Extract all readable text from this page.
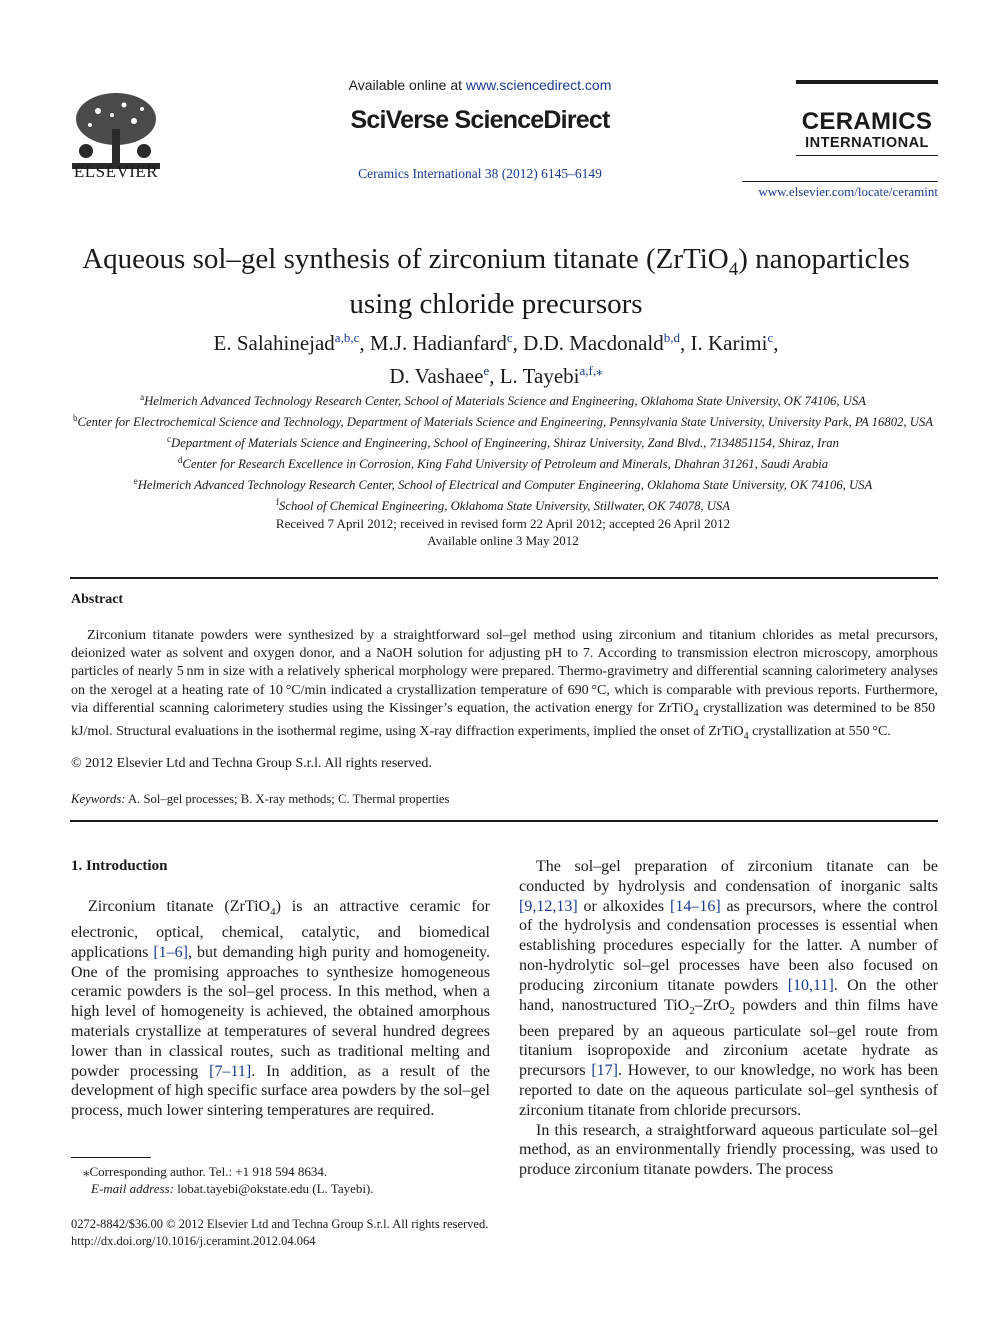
ELSEVIER
Available online at www.sciencedirect.com
SciVerse ScienceDirect
Ceramics International 38 (2012) 6145–6149
CERAMICS
INTERNATIONAL
www.elsevier.com/locate/ceramint
Aqueous sol–gel synthesis of zirconium titanate (ZrTiO$_4$) nanoparticles
using chloride precursors
E. Salahinejad$^{a,b,c}$, M.J. Hadianfard$^c$, D.D. Macdonald$^{b,d}$, I. Karimi$^c$,
D. Vashaee$^e$, L. Tayebi$^{a,f,⁎}$
$^a$Helmerich Advanced Technology Research Center, School of Materials Science and Engineering, Oklahoma State University, OK 74106, USA
$^b$Center for Electrochemical Science and Technology, Department of Materials Science and Engineering, Pennsylvania State University, University Park, PA 16802, USA
$^c$Department of Materials Science and Engineering, School of Engineering, Shiraz University, Zand Blvd., 7134851154, Shiraz, Iran
$^d$Center for Research Excellence in Corrosion, King Fahd University of Petroleum and Minerals, Dhahran 31261, Saudi Arabia
$^e$Helmerich Advanced Technology Research Center, School of Electrical and Computer Engineering, Oklahoma State University, OK 74106, USA
$^f$School of Chemical Engineering, Oklahoma State University, Stillwater, OK 74078, USA
Received 7 April 2012; received in revised form 22 April 2012; accepted 26 April 2012
Available online 3 May 2012
Abstract
Zirconium titanate powders were synthesized by a straightforward sol–gel method using zirconium and titanium chlorides as metal precursors, deionized water as solvent and oxygen donor, and a NaOH solution for adjusting pH to 7. According to transmission electron microscopy, amorphous particles of nearly 5 nm in size with a relatively spherical morphology were prepared. Thermo-gravimetry and differential scanning calorimetery analyses on the xerogel at a heating rate of 10 °C/min indicated a crystallization temperature of 690 °C, which is comparable with previous reports. Furthermore, via differential scanning calorimetery studies using the Kissinger’s equation, the activation energy for ZrTiO$_4$ crystallization was determined to be 850 kJ/mol. Structural evaluations in the isothermal regime, using X-ray diffraction experiments, implied the onset of ZrTiO$_4$ crystallization at 550 °C.
© 2012 Elsevier Ltd and Techna Group S.r.l. All rights reserved.
Keywords: A. Sol–gel processes; B. X-ray methods; C. Thermal properties
1. Introduction

Zirconium titanate (ZrTiO$_4$) is an attractive ceramic for electronic, optical, chemical, catalytic, and biomedical applications [1–6], but demanding high purity and homogeneity. One of the promising approaches to synthesize homogeneous ceramic powders is the sol–gel process. In this method, when a high level of homogeneity is achieved, the obtained amorphous materials crystallize at temperatures of several hundred degrees lower than in classical routes, such as traditional melting and powder processing [7–11]. In addition, as a result of the development of high specific surface area powders by the sol–gel process, much lower sintering temperatures are required.

The sol–gel preparation of zirconium titanate can be conducted by hydrolysis and condensation of inorganic salts [9,12,13] or alkoxides [14–16] as precursors, where the control of the hydrolysis and condensation processes is essential when establishing procedures especially for the latter. A number of non-hydrolytic sol–gel processes have been also focused on producing zirconium titanate powders [10,11]. On the other hand, nanostructured TiO$_2$–ZrO$_2$ powders and thin films have been prepared by an aqueous particulate sol–gel route from titanium isopropoxide and zirconium acetate hydrate as precursors [17]. However, to our knowledge, no work has been reported to date on the aqueous particulate sol–gel synthesis of zirconium titanate from chloride precursors.

In this research, a straightforward aqueous particulate sol–gel method, as an environmentally friendly processing, was used to produce zirconium titanate powders. The process

⁎Corresponding author. Tel.: +1 918 594 8634.
E-mail address: lobat.tayebi@okstate.edu (L. Tayebi).
0272-8842/$36.00 © 2012 Elsevier Ltd and Techna Group S.r.l. All rights reserved.
http://dx.doi.org/10.1016/j.ceramint.2012.04.064
